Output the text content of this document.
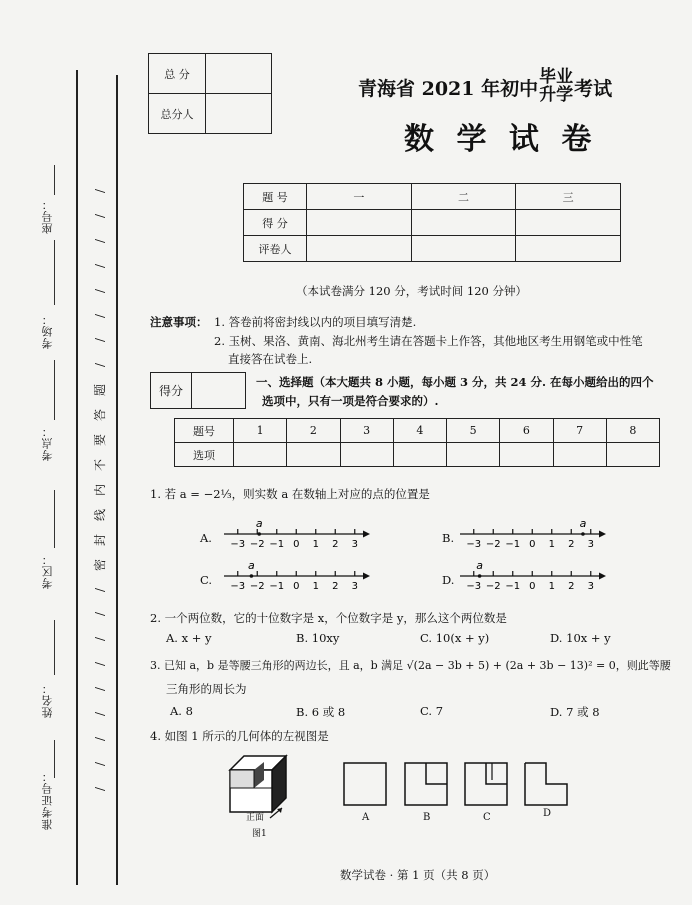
准考证号：
姓名：
考区：
考点：
考场：
座号：
/
/
/
/
/
/
/
/
题
答
要
不
内
线
封
密
/
/
/
/
/
/
/
/
/
总 分	
总分人	
青海省 2021 年初中
毕业
升学 考试
数 学 试 卷
题 号	一	二	三
得 分			
评卷人			
（本试卷满分 120 分，考试时间 120 分钟）
注意事项： 1. 答卷前将密封线以内的项目填写清楚.
2. 玉树、果洛、黄南、海北州考生请在答题卡上作答，其他地区考生用钢笔或中性笔
直接答在试卷上.
得分	
一、选择题（本大题共 8 小题，每小题 3 分，共 24 分. 在每小题给出的四个
选项中，只有一项是符合要求的）.
题号	1	2	3	4	5	6	7	8
选项								
1. 若 a = −2⅓，则实数 a 在数轴上对应的点的位置是
A.	B.
C.	D.
−3 −2 −1 0 1 2 3
a
−3 −2 −1 0 1 2 3
a
−3 −2 −1 0 1 2 3
a
−3 −2 −1 0 1 2 3
a
2. 一个两位数，它的十位数字是 x，个位数字是 y，那么这个两位数是
A. x + y	B. 10xy	C. 10(x + y)	D. 10x + y
3. 已知 a，b 是等腰三角形的两边长，且 a，b 满足 √(2a − 3b + 5) + (2a + 3b − 13)² = 0，则此等腰
三角形的周长为
A. 8	B. 6 或 8	C. 7	D. 7 或 8
4. 如图 1 所示的几何体的左视图是
正面
图1
A	B	C	D
数学试卷 · 第 1 页（共 8 页）
